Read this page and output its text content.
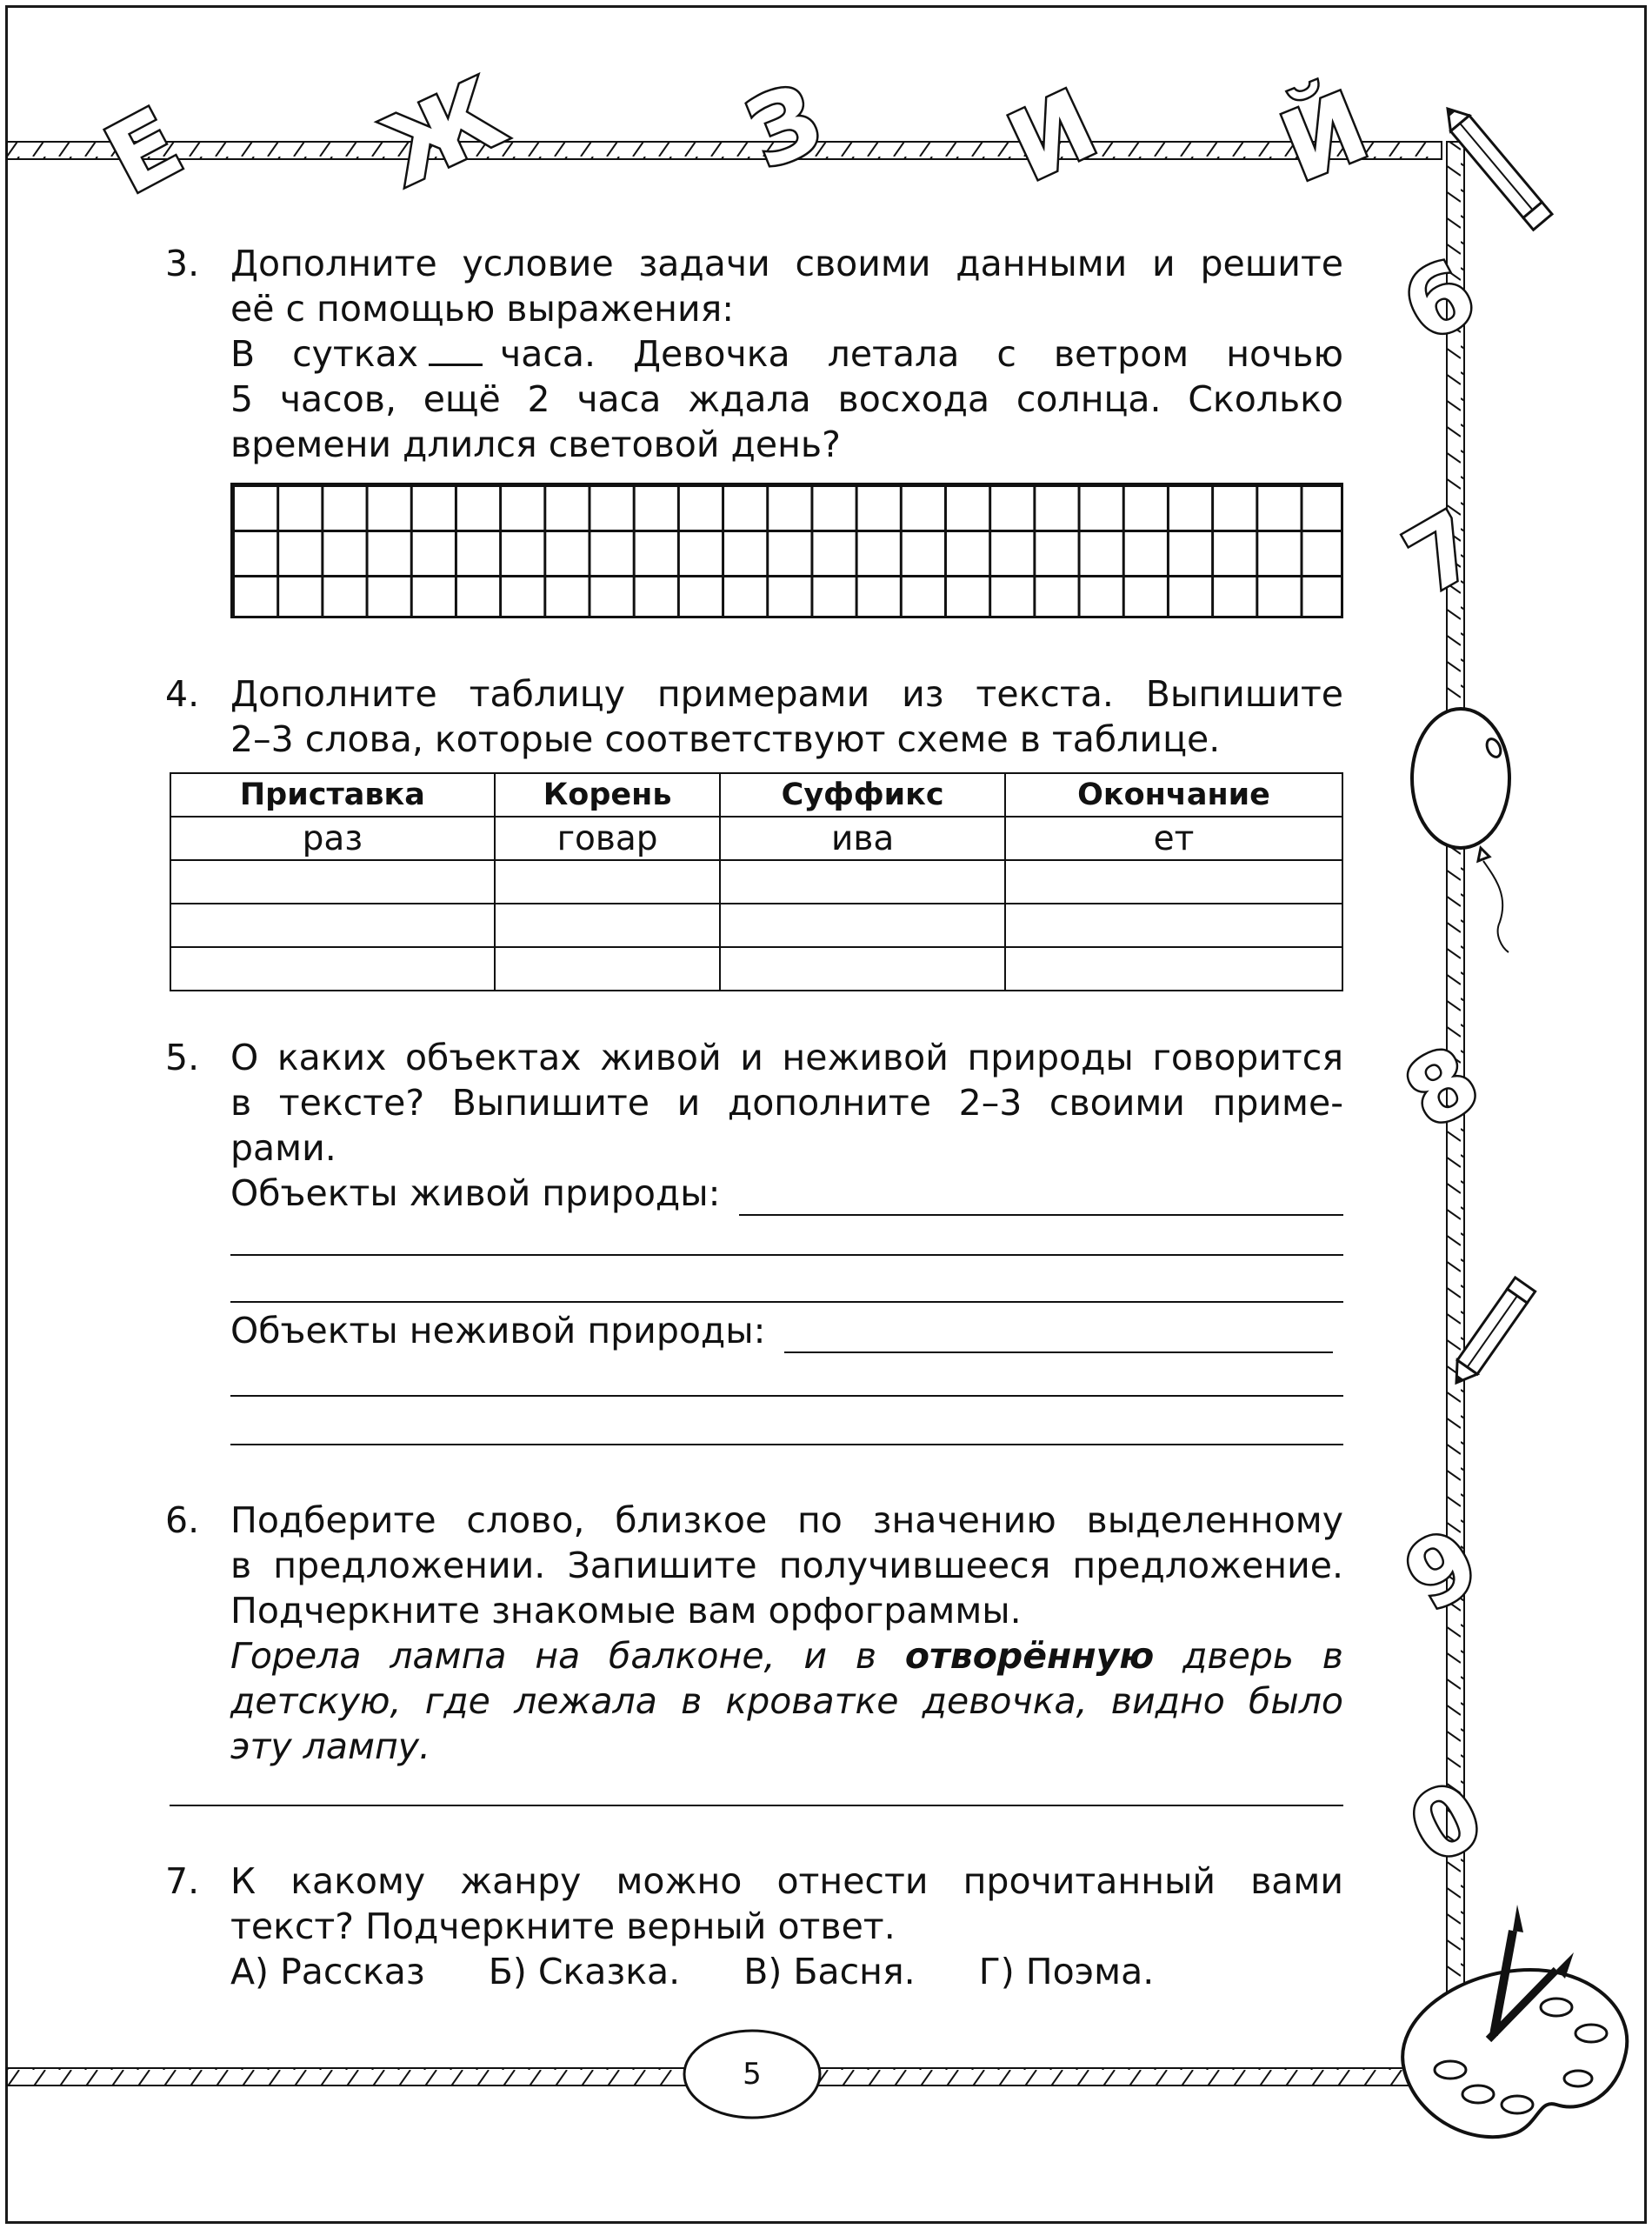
Е Ж З И Й
6
7
8
9
0
3. Дополните условие задачи своими данными и решите
её с помощью выражения:
В сутках часа. Девочка летала с ветром ночью
5 часов, ещё 2 часа ждала восхода солнца. Сколько
времени длился световой день?
4. Дополните таблицу примерами из текста. Выпишите
2–3 слова, которые соответствуют схеме в таблице.
Приставка	Корень	Суффикс	Окончание
раз	говар	ива	ет

5. О каких объектах живой и неживой природы говорится
в тексте? Выпишите и дополните 2–3 своими приме-
рами.
Объекты живой природы:
Объекты неживой природы:
6. Подберите слово, близкое по значению выделенному
в предложении. Запишите получившееся предложение.
Подчеркните знакомые вам орфограммы.
Горела лампа на балконе, и в отворённую дверь в
детскую, где лежала в кроватке девочка, видно было
эту лампу.
7. К какому жанру можно отнести прочитанный вами
текст? Подчеркните верный ответ.
А) Рассказ Б) Сказка. В) Басня. Г) Поэма.
5
